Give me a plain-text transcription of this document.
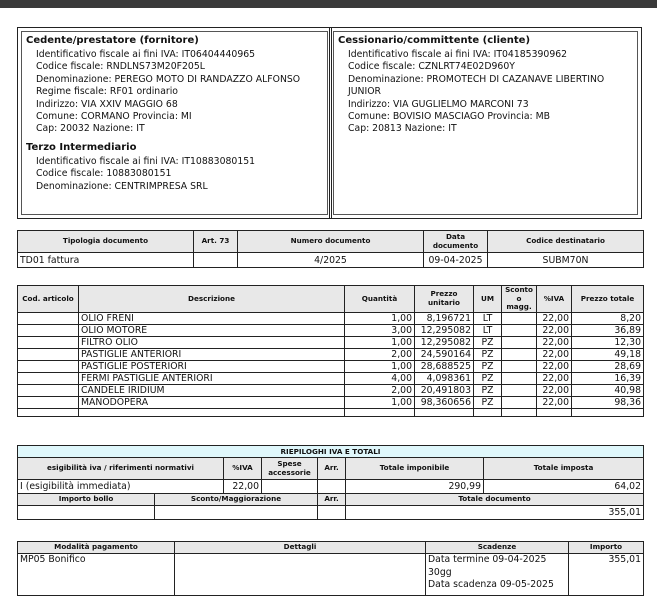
Cedente/prestatore (fornitore)
Identificativo fiscale ai fini IVA: IT06404440965
Codice fiscale: RNDLNS73M20F205L
Denominazione: PEREGO MOTO DI RANDAZZO ALFONSO
Regime fiscale: RF01 ordinario
Indirizzo: VIA XXIV MAGGIO 68
Comune: CORMANO Provincia: MI
Cap: 20032 Nazione: IT
Terzo Intermediario
Identificativo fiscale ai fini IVA: IT10883080151
Codice fiscale: 10883080151
Denominazione: CENTRIMPRESA SRL
Cessionario/committente (cliente)
Identificativo fiscale ai fini IVA: IT04185390962
Codice fiscale: CZNLRT74E02D960Y
Denominazione: PROMOTECH DI CAZANAVE LIBERTINO
JUNIOR
Indirizzo: VIA GUGLIELMO MARCONI 73
Comune: BOVISIO MASCIAGO Provincia: MB
Cap: 20813 Nazione: IT
Tipologia documento	Art. 73	Numero documento	Data documento	Codice destinatario
TD01 fattura		4/2025	09-04-2025	SUBM70N
Cod. articolo	Descrizione	Quantità	Prezzo unitario	UM	Sconto o magg.	%IVA	Prezzo totale
	OLIO FRENI	1,00	8,196721	LT		22,00	8,20
	OLIO MOTORE	3,00	12,295082	LT		22,00	36,89
	FILTRO OLIO	1,00	12,295082	PZ		22,00	12,30
	PASTIGLIE ANTERIORI	2,00	24,590164	PZ		22,00	49,18
	PASTIGLIE POSTERIORI	1,00	28,688525	PZ		22,00	28,69
	FERMI PASTIGLIE ANTERIORI	4,00	4,098361	PZ		22,00	16,39
	CANDELE IRIDIUM	2,00	20,491803	PZ		22,00	40,98
	MANODOPERA	1,00	98,360656	PZ		22,00	98,36

RIEPILOGHI IVA E TOTALI						
esigibilità iva / riferimenti normativi		%IVA	Spese accessorie	Arr.	Totale imponibile	Totale imposta
I (esigibilità immediata)		22,00			290,99	64,02
Importo bollo	Sconto/Maggiorazione			Arr.	Totale documento	
					355,01	
Modalità pagamento	Dettagli	Scadenze	Importo
MP05 Bonifico		Data termine 09-04-2025
30gg
Data scadenza 09-05-2025	355,01
